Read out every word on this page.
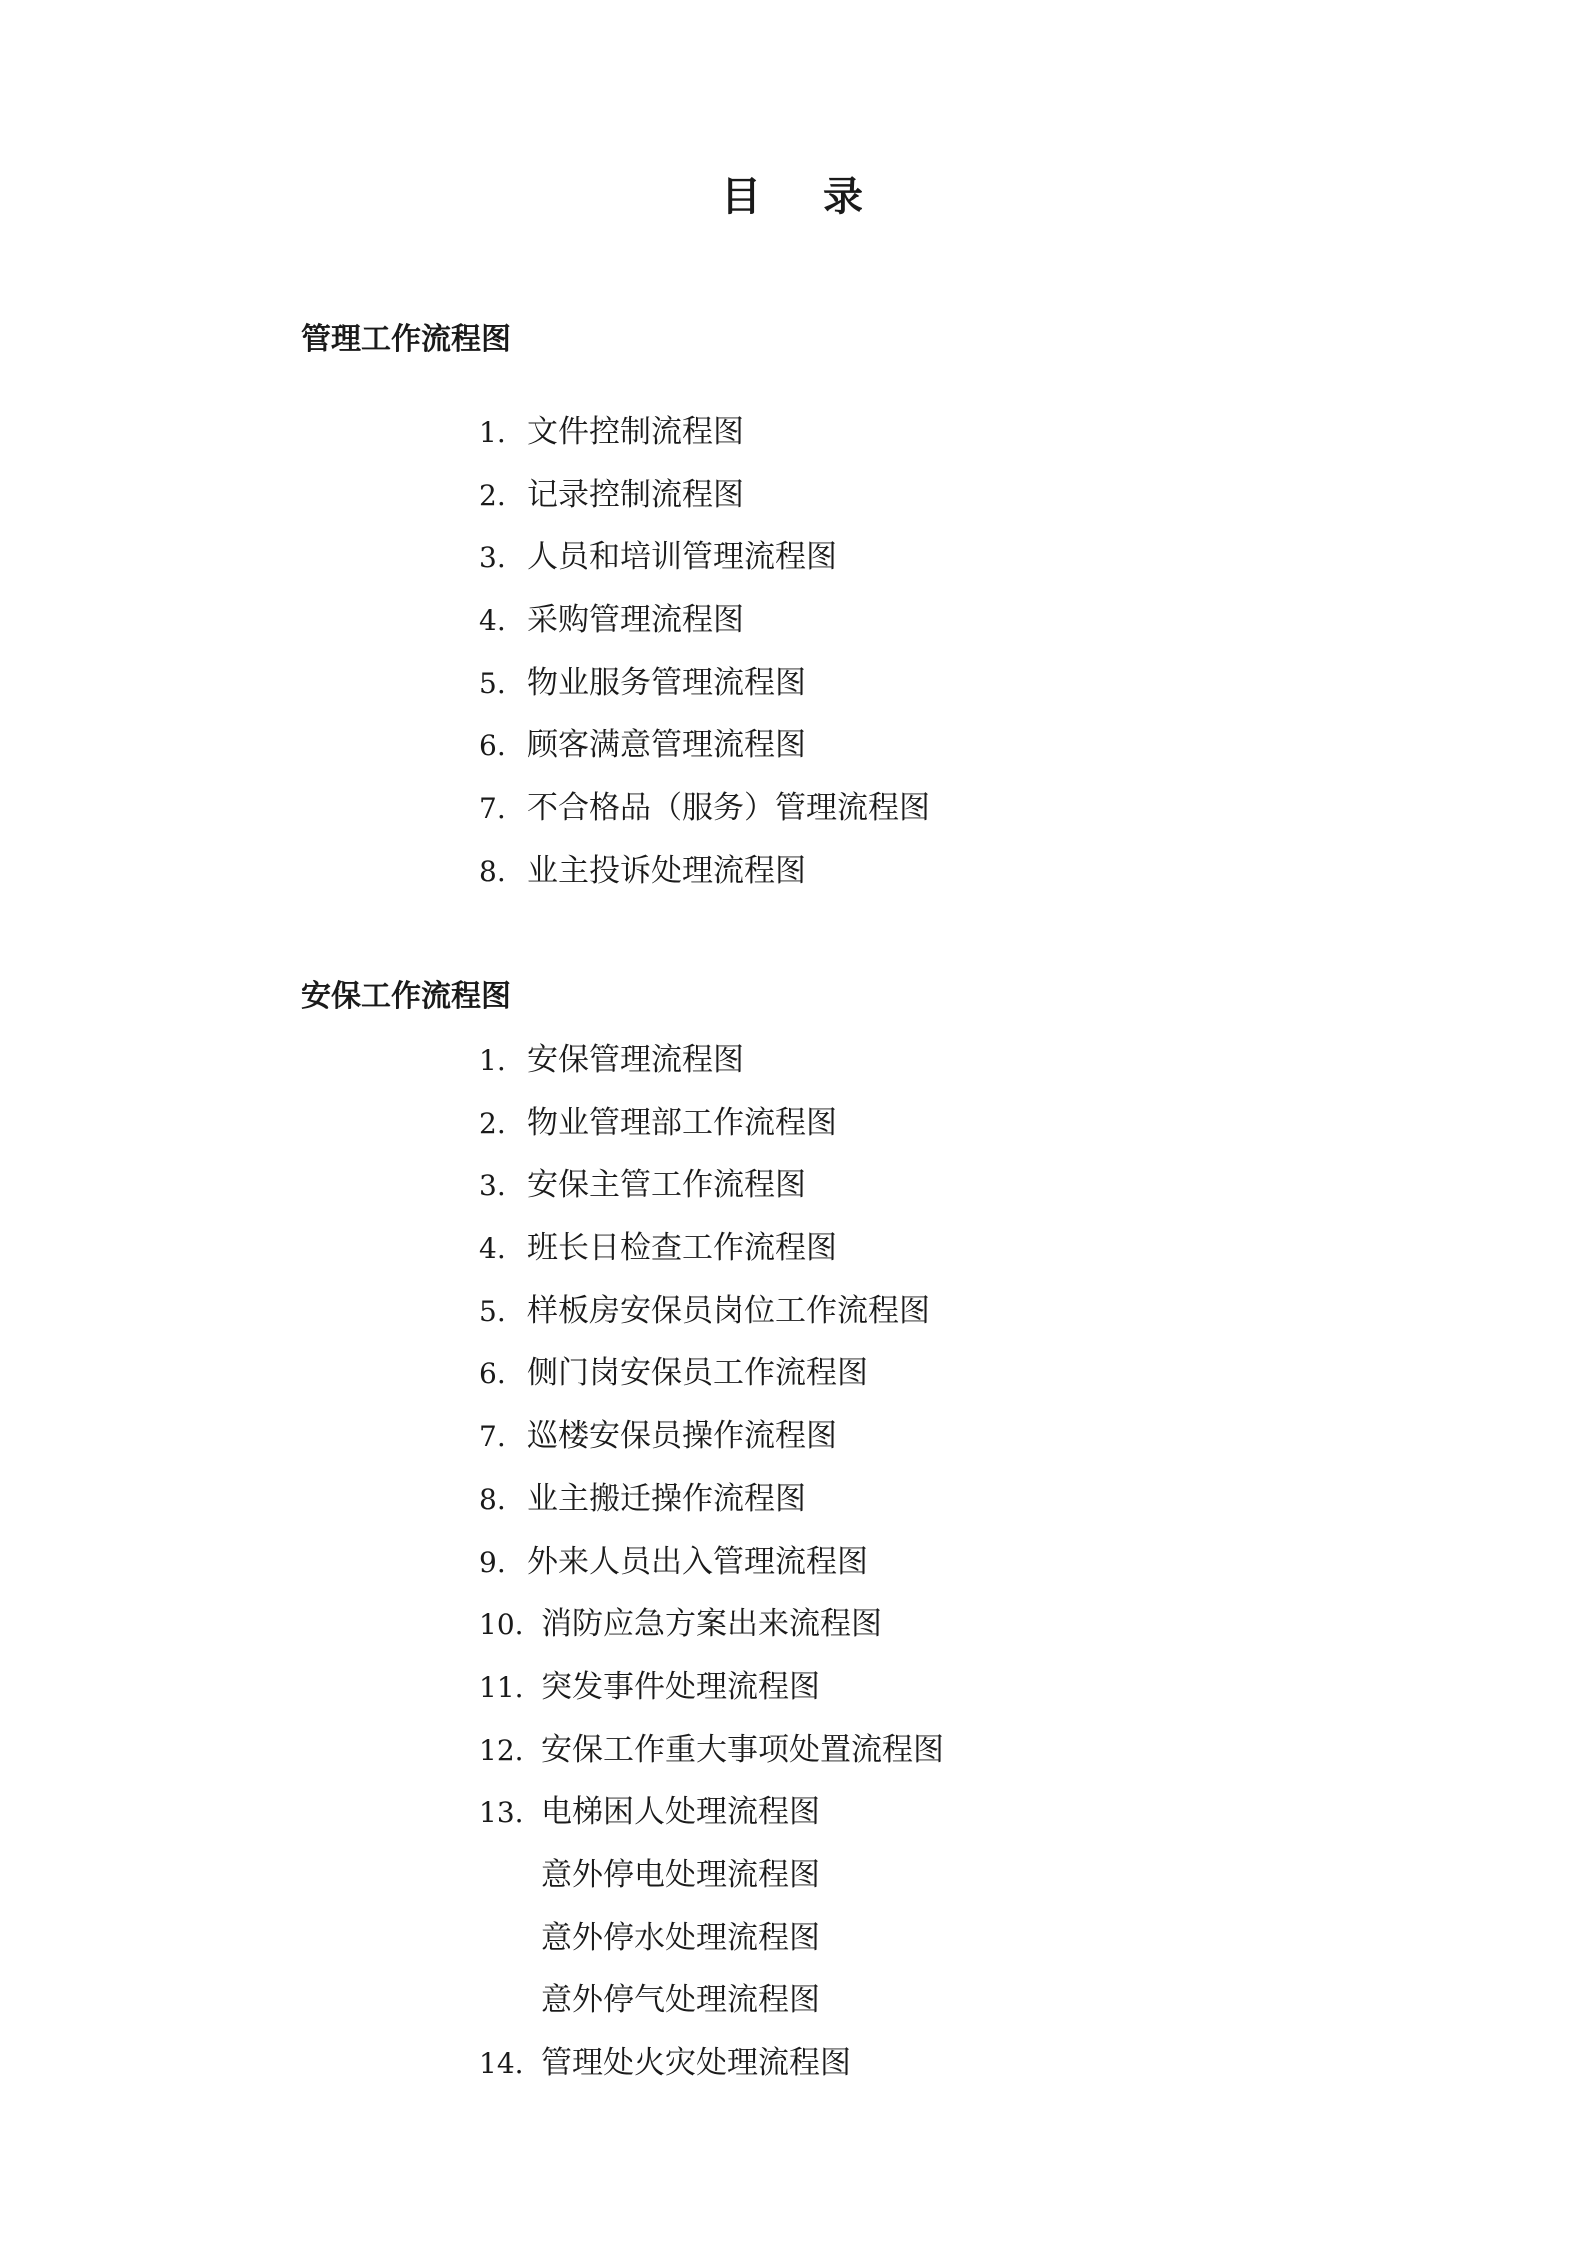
目 录
管理工作流程图
1. 文件控制流程图
2. 记录控制流程图
3. 人员和培训管理流程图
4. 采购管理流程图
5. 物业服务管理流程图
6. 顾客满意管理流程图
7. 不合格品（服务）管理流程图
8. 业主投诉处理流程图
安保工作流程图
1. 安保管理流程图
2. 物业管理部工作流程图
3. 安保主管工作流程图
4. 班长日检查工作流程图
5. 样板房安保员岗位工作流程图
6. 侧门岗安保员工作流程图
7. 巡楼安保员操作流程图
8. 业主搬迁操作流程图
9. 外来人员出入管理流程图
10. 消防应急方案出来流程图
11. 突发事件处理流程图
12. 安保工作重大事项处置流程图
13. 电梯困人处理流程图
意外停电处理流程图
意外停水处理流程图
意外停气处理流程图
14. 管理处火灾处理流程图
